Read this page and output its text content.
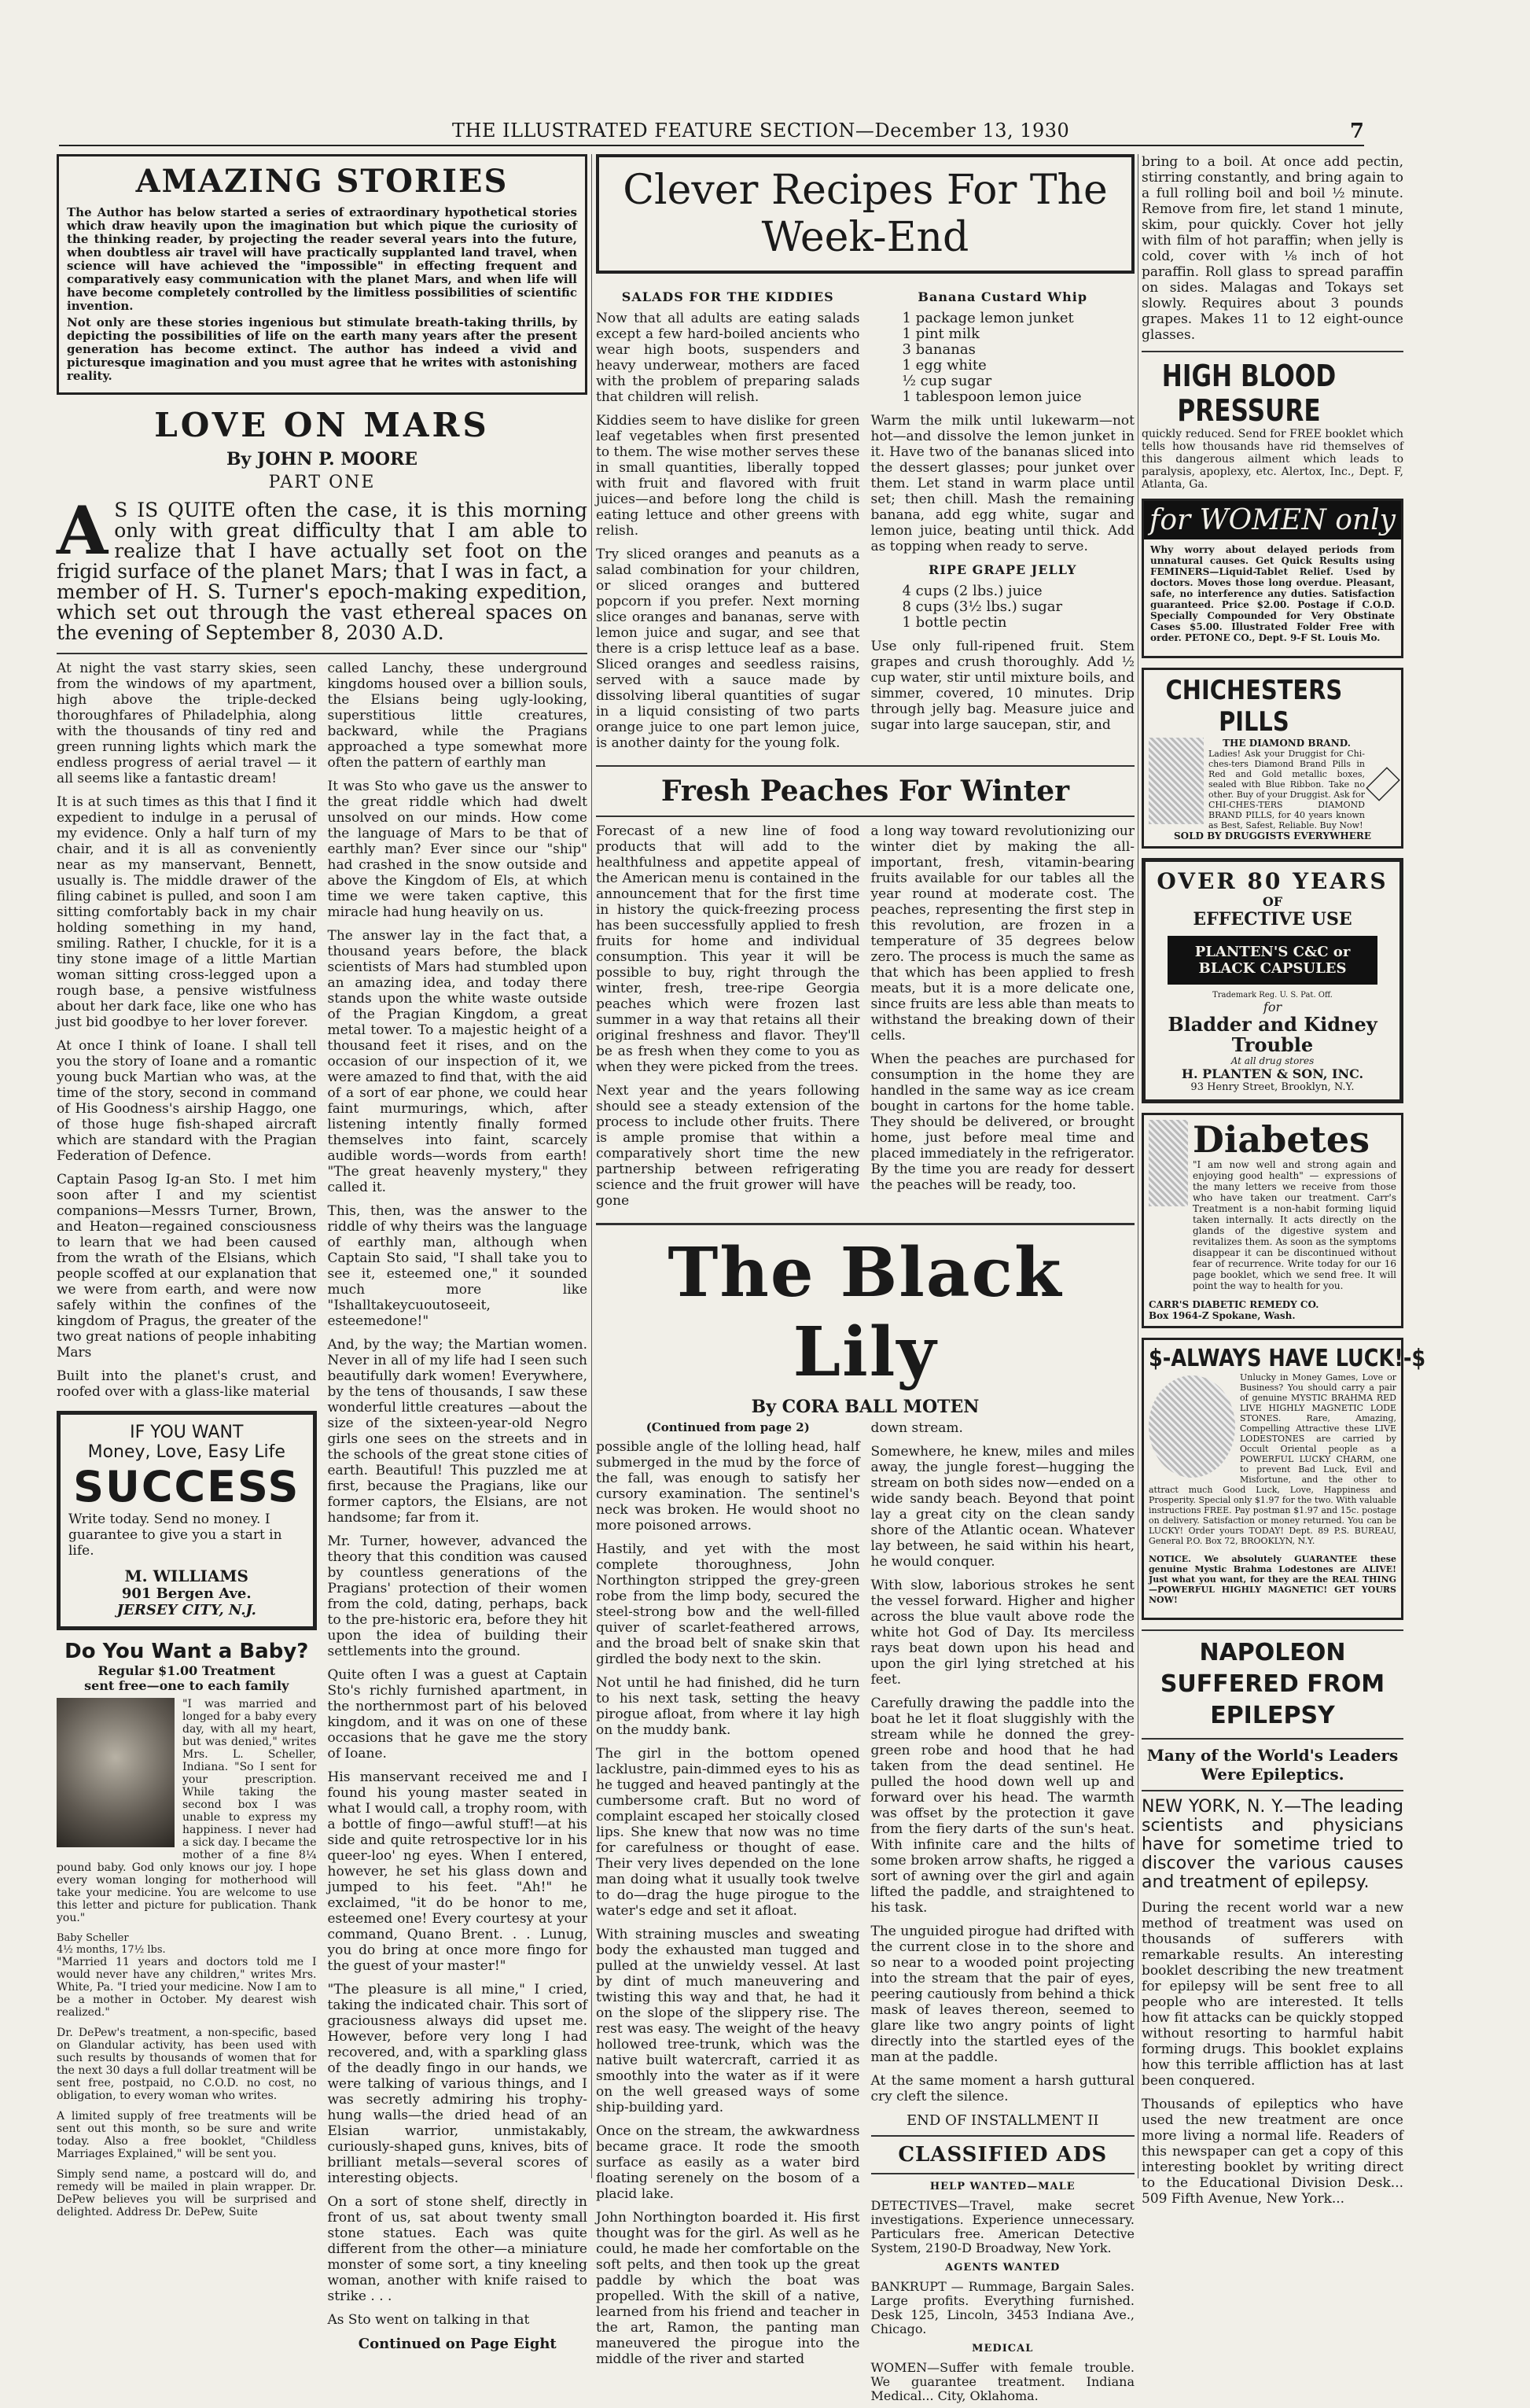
THE ILLUSTRATED FEATURE SECTION—December 13, 1930	7
AMAZING STORIES

The Author has below started a series of extraordinary hypothetical stories which draw heavily upon the imagination but which pique the curiosity of the thinking reader, by projecting the reader several years into the future, when doubtless air travel will have practically supplanted land travel, when science will have achieved the "impossible" in effecting frequent and comparatively easy communication with the planet Mars, and when life will have become completely controlled by the limitless possibilities of scientific invention.

Not only are these stories ingenious but stimulate breath-taking thrills, by depicting the possibilities of life on the earth many years after the present generation has become extinct. The author has indeed a vivid and picturesque imagination and you must agree that he writes with astonishing reality.

LOVE ON MARS
By JOHN P. MOORE
PART ONE
A S IS QUITE often the case, it is this morning only with great difficulty that I am able to realize that I have actually set foot on the frigid surface of the planet Mars; that I was in fact, a member of H. S. Turner's epoch-making expedition, which set out through the vast ethereal spaces on the evening of September 8, 2030 A.D.

At night the vast starry skies, seen from the windows of my apartment, high above the triple-decked thoroughfares of Philadelphia, along with the thousands of tiny red and green running lights which mark the endless progress of aerial travel — it all seems like a fantastic dream!

It is at such times as this that I find it expedient to indulge in a perusal of my evidence. Only a half turn of my chair, and it is all as conveniently near as my manservant, Bennett, usually is. The middle drawer of the filing cabinet is pulled, and soon I am sitting comfortably back in my chair holding something in my hand, smiling. Rather, I chuckle, for it is a tiny stone image of a little Martian woman sitting cross-legged upon a rough base, a pensive wistfulness about her dark face, like one who has just bid goodbye to her lover forever.

At once I think of Ioane. I shall tell you the story of Ioane and a romantic young buck Martian who was, at the time of the story, second in command of His Goodness's airship Haggo, one of those huge fish-shaped aircraft which are standard with the Pragian Federation of Defence.

Captain Pasog Ig-an Sto. I met him soon after I and my scientist companions—Messrs Turner, Brown, and Heaton—regained consciousness to learn that we had been caused from the wrath of the Elsians, which people scoffed at our explanation that we were from earth, and were now safely within the confines of the kingdom of Pragus, the greater of the two great nations of people inhabiting Mars

Built into the planet's crust, and roofed over with a glass-like material

IF YOU WANT
Money, Love, Easy Life
SUCCESS

Write today. Send no money. I guarantee to give you a start in life.

M. WILLIAMS
901 Bergen Ave.
JERSEY CITY, N.J.
Do You Want a Baby?
Regular $1.00 Treatment
sent free—one to each family

"I was married and longed for a baby every day, with all my heart, but was denied," writes Mrs. L. Scheller, Indiana. "So I sent for your prescription. While taking the second box I was unable to express my happiness. I never had a sick day. I became the mother of a fine 8¼ pound baby. God only knows our joy. I hope every woman longing for motherhood will take your medicine. You are welcome to use this letter and picture for publication. Thank you."

Baby Scheller
4½ months, 17½ lbs.

"Married 11 years and doctors told me I would never have any children," writes Mrs. White, Pa. "I tried your medicine. Now I am to be a mother in October. My dearest wish realized."

Dr. DePew's treatment, a non-specific, based on Glandular activity, has been used with such results by thousands of women that for the next 30 days a full dollar treatment will be sent free, postpaid, no C.O.D. no cost, no obligation, to every woman who writes.

A limited supply of free treatments will be sent out this month, so be sure and write today. Also a free booklet, "Childless Marriages Explained," will be sent you.

Simply send name, a postcard will do, and remedy will be mailed in plain wrapper. Dr. DePew believes you will be surprised and delighted. Address Dr. DePew, Suite

called Lanchy, these underground kingdoms housed over a billion souls, the Elsians being ugly-looking, superstitious little creatures, backward, while the Pragians approached a type somewhat more often the pattern of earthly man

It was Sto who gave us the answer to the great riddle which had dwelt unsolved on our minds. How come the language of Mars to be that of earthly man? Ever since our "ship" had crashed in the snow outside and above the Kingdom of Els, at which time we were taken captive, this miracle had hung heavily on us.

The answer lay in the fact that, a thousand years before, the black scientists of Mars had stumbled upon an amazing idea, and today there stands upon the white waste outside of the Pragian Kingdom, a great metal tower. To a majestic height of a thousand feet it rises, and on the occasion of our inspection of it, we were amazed to find that, with the aid of a sort of ear phone, we could hear faint murmurings, which, after listening intently finally formed themselves into faint, scarcely audible words—words from earth! "The great heavenly mystery," they called it.

This, then, was the answer to the riddle of why theirs was the language of earthly man, although when Captain Sto said, "I shall take you to see it, esteemed one," it sounded much more like "Ishalltakeycuoutoseeit, esteemedone!"

And, by the way; the Martian women. Never in all of my life had I seen such beautifully dark women! Everywhere, by the tens of thousands, I saw these wonderful little creatures —about the size of the sixteen-year-old Negro girls one sees on the streets and in the schools of the great stone cities of earth. Beautiful! This puzzled me at first, because the Pragians, like our former captors, the Elsians, are not handsome; far from it.

Mr. Turner, however, advanced the theory that this condition was caused by countless generations of the Pragians' protection of their women from the cold, dating, perhaps, back to the pre-historic era, before they hit upon the idea of building their settlements into the ground.

Quite often I was a guest at Captain Sto's richly furnished apartment, in the northernmost part of his beloved kingdom, and it was on one of these occasions that he gave me the story of Ioane.

His manservant received me and I found his young master seated in what I would call, a trophy room, with a bottle of fingo—awful stuff!—at his side and quite retrospective lor in his queer-loo' ng eyes. When I entered, however, he set his glass down and jumped to his feet. "Ah!" he exclaimed, "it do be honor to me, esteemed one! Every courtesy at your command, Quano Brent. . . Lunug, you do bring at once more fingo for the guest of your master!"

"The pleasure is all mine," I cried, taking the indicated chair. This sort of graciousness always did upset me. However, before very long I had recovered, and, with a sparkling glass of the deadly fingo in our hands, we were talking of various things, and I was secretly admiring his trophy-hung walls—the dried head of an Elsian warrior, unmistakably, curiously-shaped guns, knives, bits of brilliant metals—several scores of interesting objects.

On a sort of stone shelf, directly in front of us, sat about twenty small stone statues. Each was quite different from the other—a miniature monster of some sort, a tiny kneeling woman, another with knife raised to strike . . .

As Sto went on talking in that

Continued on Page Eight
Clever Recipes For The Week-End
SALADS FOR THE KIDDIES

Now that all adults are eating salads except a few hard-boiled ancients who wear high boots, suspenders and heavy underwear, mothers are faced with the problem of preparing salads that children will relish.

Kiddies seem to have dislike for green leaf vegetables when first presented to them. The wise mother serves these in small quantities, liberally topped with fruit and flavored with fruit juices—and before long the child is eating lettuce and other greens with relish.

Try sliced oranges and peanuts as a salad combination for your children, or sliced oranges and buttered popcorn if you prefer. Next morning slice oranges and bananas, serve with lemon juice and sugar, and see that there is a crisp lettuce leaf as a base. Sliced oranges and seedless raisins, served with a sauce made by dissolving liberal quantities of sugar in a liquid consisting of two parts orange juice to one part lemon juice, is another dainty for the young folk.

Banana Custard Whip
1 package lemon junket
1 pint milk
3 bananas
1 egg white
½ cup sugar
1 tablespoon lemon juice

Warm the milk until lukewarm—not hot—and dissolve the lemon junket in it. Have two of the bananas sliced into the dessert glasses; pour junket over them. Let stand in warm place until set; then chill. Mash the remaining banana, add egg white, sugar and lemon juice, beating until thick. Add as topping when ready to serve.

RIPE GRAPE JELLY
4 cups (2 lbs.) juice
8 cups (3½ lbs.) sugar
1 bottle pectin

Use only full-ripened fruit. Stem grapes and crush thoroughly. Add ½ cup water, stir until mixture boils, and simmer, covered, 10 minutes. Drip through jelly bag. Measure juice and sugar into large saucepan, stir, and

Fresh Peaches For Winter

Forecast of a new line of food products that will add to the healthfulness and appetite appeal of the American menu is contained in the announcement that for the first time in history the quick-freezing process has been successfully applied to fresh fruits for home and individual consumption. This year it will be possible to buy, right through the winter, fresh, tree-ripe Georgia peaches which were frozen last summer in a way that retains all their original freshness and flavor. They'll be as fresh when they come to you as when they were picked from the trees.

Next year and the years following should see a steady extension of the process to include other fruits. There is ample promise that within a comparatively short time the new partnership between refrigerating science and the fruit grower will have gone

a long way toward revolutionizing our winter diet by making the all-important, fresh, vitamin-bearing fruits available for our tables all the year round at moderate cost. The peaches, representing the first step in this revolution, are frozen in a temperature of 35 degrees below zero. The process is much the same as that which has been applied to fresh meats, but it is a more delicate one, since fruits are less able than meats to withstand the breaking down of their cells.

When the peaches are purchased for consumption in the home they are handled in the same way as ice cream bought in cartons for the home table. They should be delivered, or brought home, just before meal time and placed immediately in the refrigerator. By the time you are ready for dessert the peaches will be ready, too.

The Black Lily
By CORA BALL MOTEN
(Continued from page 2)

possible angle of the lolling head, half submerged in the mud by the force of the fall, was enough to satisfy her cursory examination. The sentinel's neck was broken. He would shoot no more poisoned arrows.

Hastily, and yet with the most complete thoroughness, John Northington stripped the grey-green robe from the limp body, secured the steel-strong bow and the well-filled quiver of scarlet-feathered arrows, and the broad belt of snake skin that girdled the body next to the skin.

Not until he had finished, did he turn to his next task, setting the heavy pirogue afloat, from where it lay high on the muddy bank.

The girl in the bottom opened lacklustre, pain-dimmed eyes to his as he tugged and heaved pantingly at the cumbersome craft. But no word of complaint escaped her stoically closed lips. She knew that now was no time for carefulness or thought of ease. Their very lives depended on the lone man doing what it usually took twelve to do—drag the huge pirogue to the water's edge and set it afloat.

With straining muscles and sweating body the exhausted man tugged and pulled at the unwieldy vessel. At last by dint of much maneuvering and twisting this way and that, he had it on the slope of the slippery rise. The rest was easy. The weight of the heavy hollowed tree-trunk, which was the native built watercraft, carried it as smoothly into the water as if it were on the well greased ways of some ship-building yard.

Once on the stream, the awkwardness became grace. It rode the smooth surface as easily as a water bird floating serenely on the bosom of a placid lake.

John Northington boarded it. His first thought was for the girl. As well as he could, he made her comfortable on the soft pelts, and then took up the great paddle by which the boat was propelled. With the skill of a native, learned from his friend and teacher in the art, Ramon, the panting man maneuvered the pirogue into the middle of the river and started

down stream.

Somewhere, he knew, miles and miles away, the jungle forest—hugging the stream on both sides now—ended on a wide sandy beach. Beyond that point lay a great city on the clean sandy shore of the Atlantic ocean. Whatever lay between, he said within his heart, he would conquer.

With slow, laborious strokes he sent the vessel forward. Higher and higher across the blue vault above rode the white hot God of Day. Its merciless rays beat down upon his head and upon the girl lying stretched at his feet.

Carefully drawing the paddle into the boat he let it float sluggishly with the stream while he donned the grey-green robe and hood that he had taken from the dead sentinel. He pulled the hood down well up and forward over his head. The warmth was offset by the protection it gave from the fiery darts of the sun's heat. With infinite care and the hilts of some broken arrow shafts, he rigged a sort of awning over the girl and again lifted the paddle, and straightened to his task.

The unguided pirogue had drifted with the current close in to the shore and so near to a wooded point projecting into the stream that the pair of eyes, peering cautiously from behind a thick mask of leaves thereon, seemed to glare like two angry points of light directly into the startled eyes of the man at the paddle.

At the same moment a harsh guttural cry cleft the silence.

END OF INSTALLMENT II
CLASSIFIED ADS
HELP WANTED—MALE
DETECTIVES—Travel, make secret investigations. Experience unnecessary. Particulars free. American Detective System, 2190-D Broadway, New York.
AGENTS WANTED
BANKRUPT — Rummage, Bargain Sales. Large profits. Everything furnished. Desk 125, Lincoln, 3453 Indiana Ave., Chicago.
MEDICAL
WOMEN—Suffer with female trouble. We guarantee treatment. Indiana Medical... City, Oklahoma.

bring to a boil. At once add pectin, stirring constantly, and bring again to a full rolling boil and boil ½ minute. Remove from fire, let stand 1 minute, skim, pour quickly. Cover hot jelly with film of hot paraffin; when jelly is cold, cover with ⅛ inch of hot paraffin. Roll glass to spread paraffin on sides. Malagas and Tokays set slowly. Requires about 3 pounds grapes. Makes 11 to 12 eight-ounce glasses.

HIGH BLOOD PRESSURE

quickly reduced. Send for FREE booklet which tells how thousands have rid themselves of this dangerous ailment which leads to paralysis, apoplexy, etc. Alertox, Inc., Dept. F, Atlanta, Ga.

for WOMEN only

Why worry about delayed periods from unnatural causes. Get Quick Results using FEMINERS—Liquid-Tablet Relief. Used by doctors. Moves those long overdue. Pleasant, safe, no interference any duties. Satisfaction guaranteed. Price $2.00. Postage if C.O.D. Specially Compounded for Very Obstinate Cases $5.00. Illustrated Folder Free with order. PETONE CO., Dept. 9-F St. Louis Mo.

CHICHESTERS PILLS
THE DIAMOND BRAND.

Ladies! Ask your Druggist for Chi-ches-ters Diamond Brand Pills in Red and Gold metallic boxes, sealed with Blue Ribbon. Take no other. Buy of your Druggist. Ask for CHI-CHES-TERS DIAMOND BRAND PILLS, for 40 years known as Best, Safest, Reliable. Buy Now!

SOLD BY DRUGGISTS EVERYWHERE
OVER 80 YEARS
OF
EFFECTIVE USE
PLANTEN'S C&C or BLACK CAPSULES
Trademark Reg. U. S. Pat. Off.
for
Bladder and Kidney Trouble
At all drug stores
H. PLANTEN & SON, INC.
93 Henry Street, Brooklyn, N.Y.
Diabetes

"I am now well and strong again and enjoying good health" — expressions of the many letters we receive from those who have taken our treatment. Carr's Treatment is a non-habit forming liquid taken internally. It acts directly on the glands of the digestive system and revitalizes them. As soon as the symptoms disappear it can be discontinued without fear of recurrence. Write today for our 16 page booklet, which we send free. It will point the way to health for you.

CARR'S DIABETIC REMEDY CO.
Box 1964-Z Spokane, Wash.
$-ALWAYS HAVE LUCK!-$

Unlucky in Money Games, Love or Business? You should carry a pair of genuine MYSTIC BRAHMA RED LIVE HIGHLY MAGNETIC LODE STONES. Rare, Amazing, Compelling Attractive these LIVE LODESTONES are carried by Occult Oriental people as a POWERFUL LUCKY CHARM, one to prevent Bad Luck, Evil and Misfortune, and the other to attract much Good Luck, Love, Happiness and Prosperity. Special only $1.97 for the two. With valuable instructions FREE. Pay postman $1.97 and 15c. postage on delivery. Satisfaction or money returned. You can be LUCKY! Order yours TODAY! Dept. 89 P.S. BUREAU, General P.O. Box 72, BROOKLYN, N.Y.

NOTICE. We absolutely GUARANTEE these genuine Mystic Brahma Lodestones are ALIVE! Just what you want, for they are the REAL THING—POWERFUL HIGHLY MAGNETIC! GET YOURS NOW!

NAPOLEON SUFFERED FROM EPILEPSY
Many of the World's Leaders Were Epileptics.

NEW YORK, N. Y.—The leading scientists and physicians have for sometime tried to discover the various causes and treatment of epilepsy.

During the recent world war a new method of treatment was used on thousands of sufferers with remarkable results. An interesting booklet describing the new treatment for epilepsy will be sent free to all people who are interested. It tells how fit attacks can be quickly stopped without resorting to harmful habit forming drugs. This booklet explains how this terrible affliction has at last been conquered.

Thousands of epileptics who have used the new treatment are once more living a normal life. Readers of this newspaper can get a copy of this interesting booklet by writing direct to the Educational Division Desk... 509 Fifth Avenue, New York...
